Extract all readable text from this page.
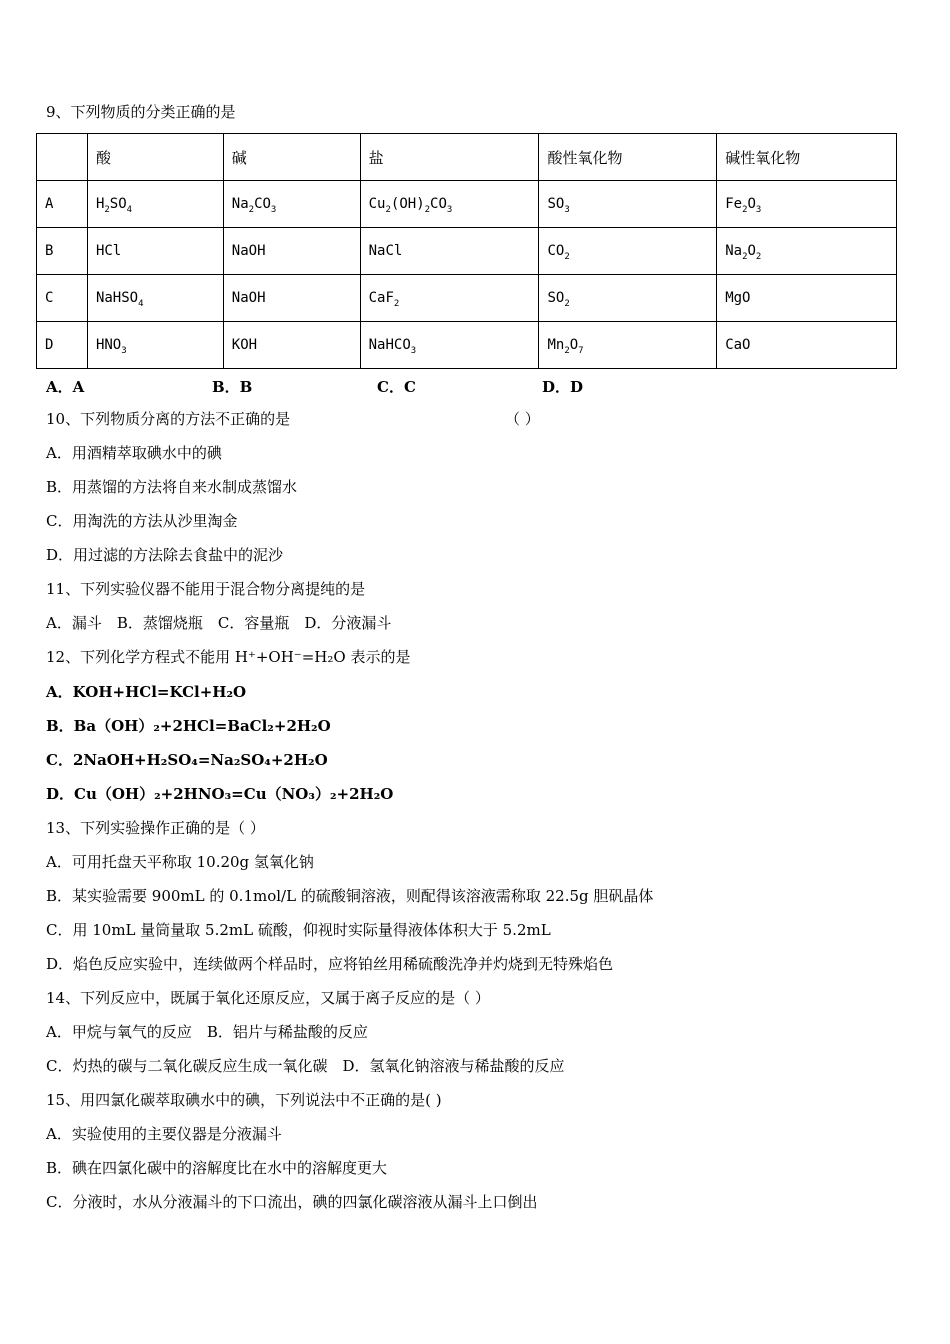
9、下列物质的分类正确的是
	酸	碱	盐	酸性氧化物	碱性氧化物
A	$H_2SO_4$	$Na_2CO_3$	$Cu_2(OH)_2CO_3$	$SO_3$	$Fe_2O_3$
B	HCl	NaOH	NaCl	$CO_2$	$Na_2O_2$
C	NaHSO$_4$	NaOH	CaF$_2$	$SO_2$	MgO
D	$HNO_3$	KOH	NaHCO$_3$	$Mn_2O_7$	CaO
A．A	B．B	C．C	D．D
10、下列物质分离的方法不正确的是	（ ）
A．用酒精萃取碘水中的碘
B．用蒸馏的方法将自来水制成蒸馏水
C．用淘洗的方法从沙里淘金
D．用过滤的方法除去食盐中的泥沙
11、下列实验仪器不能用于混合物分离提纯的是
A．漏斗　B．蒸馏烧瓶　C．容量瓶　D．分液漏斗
12、下列化学方程式不能用 H⁺+OH⁻=H₂O 表示的是
A．KOH+HCl=KCl+H₂O
B．Ba（OH）₂+2HCl=BaCl₂+2H₂O
C．2NaOH+H₂SO₄=Na₂SO₄+2H₂O
D．Cu（OH）₂+2HNO₃=Cu（NO₃）₂+2H₂O
13、下列实验操作正确的是（ ）
A．可用托盘天平称取 10.20g 氢氧化钠
B．某实验需要 900mL 的 0.1mol/L 的硫酸铜溶液，则配得该溶液需称取 22.5g 胆矾晶体
C．用 10mL 量筒量取 5.2mL 硫酸，仰视时实际量得液体体积大于 5.2mL
D．焰色反应实验中，连续做两个样品时，应将铂丝用稀硫酸洗净并灼烧到无特殊焰色
14、下列反应中，既属于氧化还原反应，又属于离子反应的是（ ）
A．甲烷与氧气的反应　B．铝片与稀盐酸的反应
C．灼热的碳与二氧化碳反应生成一氧化碳　D．氢氧化钠溶液与稀盐酸的反应
15、用四氯化碳萃取碘水中的碘，下列说法中不正确的是( )
A．实验使用的主要仪器是分液漏斗
B．碘在四氯化碳中的溶解度比在水中的溶解度更大
C．分液时，水从分液漏斗的下口流出，碘的四氯化碳溶液从漏斗上口倒出
